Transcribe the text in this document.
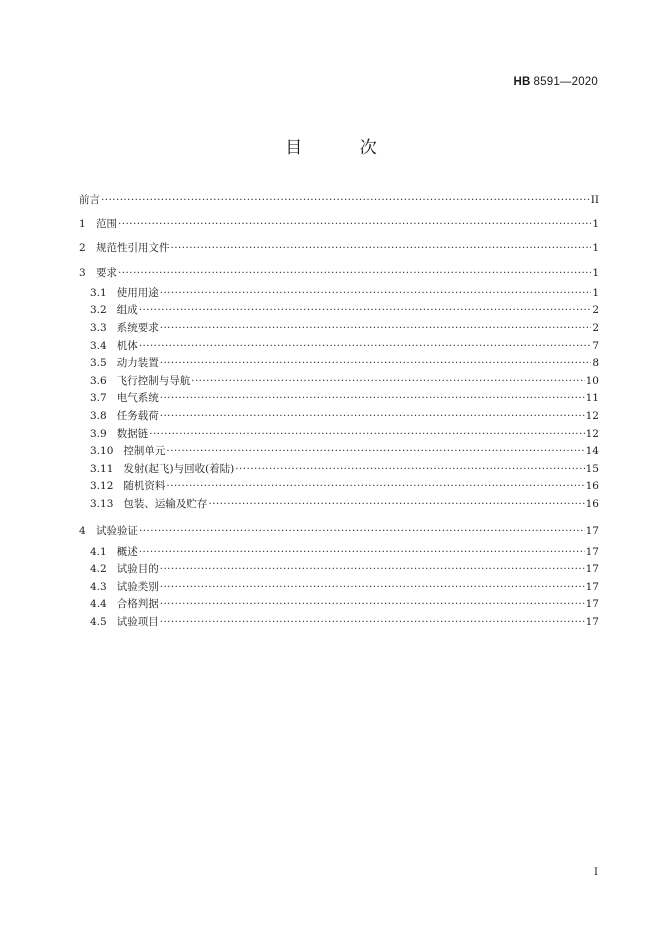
HB 8591—2020
目 次
前言 ·····	II
1 范围 ·····	1
2 规范性引用文件 ·····	1
3 要求 ·····	1
3.1 使用用途 ·····	1
3.2 组成 ·····	2
3.3 系统要求 ·····	2
3.4 机体 ·····	7
3.5 动力装置 ·····	8
3.6 飞行控制与导航 ·····	10
3.7 电气系统 ·····	11
3.8 任务载荷 ·····	12
3.9 数据链 ·····	12
3.10 控制单元 ·····	14
3.11 发射(起飞)与回收(着陆) ·····	15
3.12 随机资料 ·····	16
3.13 包装、运输及贮存 ·····	16
4 试验验证 ·····	17
4.1 概述 ·····	17
4.2 试验目的 ·····	17
4.3 试验类别 ·····	17
4.4 合格判据 ·····	17
4.5 试验项目 ·····	17
I
